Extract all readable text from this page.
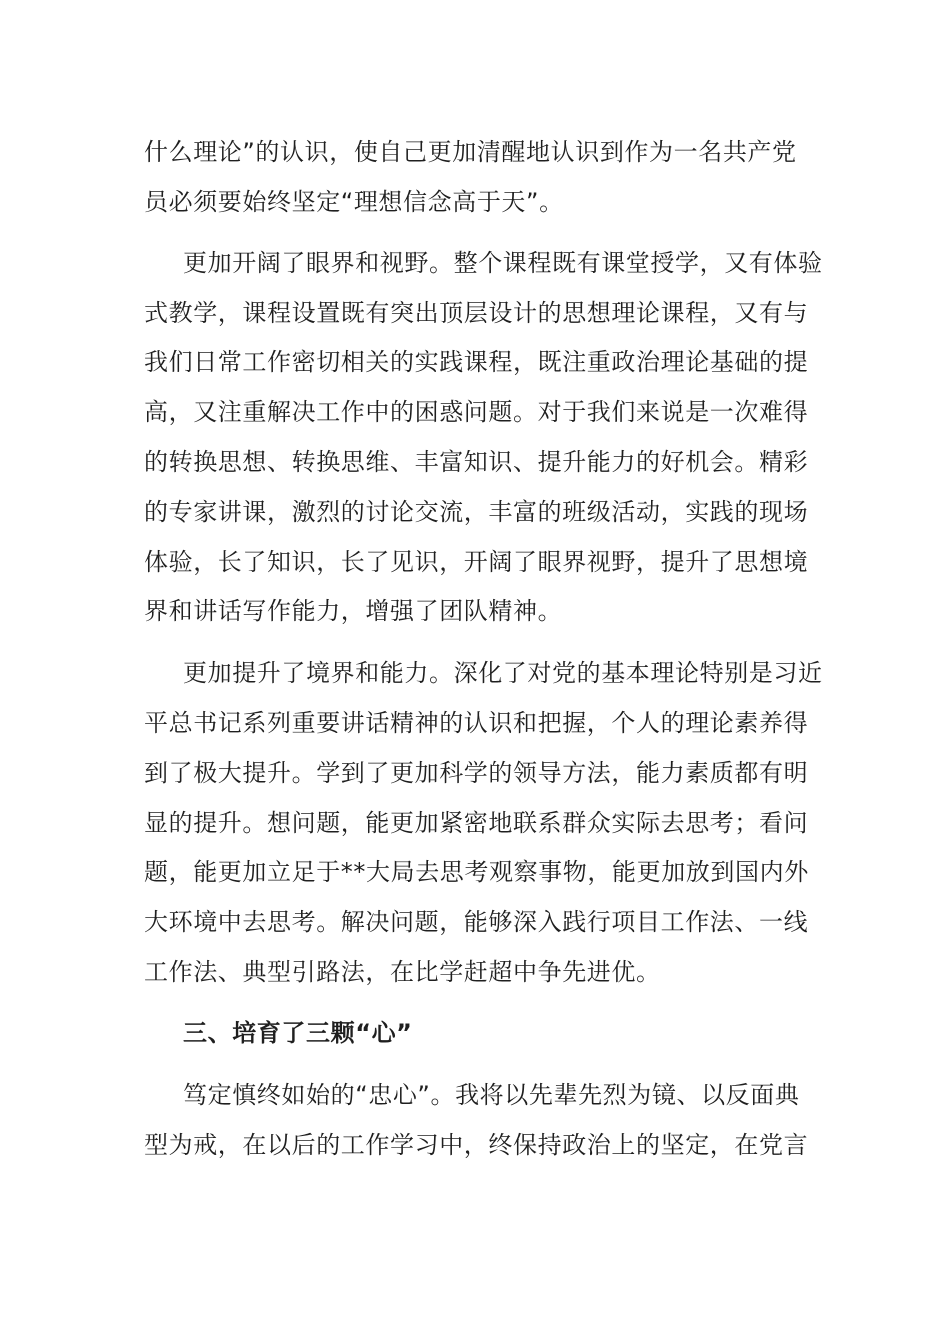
什么理论”的认识，使自己更加清醒地认识到作为一名共产党
员必须要始终坚定“理想信念高于天”。
更加开阔了眼界和视野。整个课程既有课堂授学，又有体验
式教学，课程设置既有突出顶层设计的思想理论课程，又有与
我们日常工作密切相关的实践课程，既注重政治理论基础的提
高，又注重解决工作中的困惑问题。对于我们来说是一次难得
的转换思想、转换思维、丰富知识、提升能力的好机会。精彩
的专家讲课，激烈的讨论交流，丰富的班级活动，实践的现场
体验，长了知识，长了见识，开阔了眼界视野，提升了思想境
界和讲话写作能力，增强了团队精神。
更加提升了境界和能力。深化了对党的基本理论特别是习近
平总书记系列重要讲话精神的认识和把握，个人的理论素养得
到了极大提升。学到了更加科学的领导方法，能力素质都有明
显的提升。想问题，能更加紧密地联系群众实际去思考；看问
题，能更加立足于**大局去思考观察事物，能更加放到国内外
大环境中去思考。解决问题，能够深入践行项目工作法、一线
工作法、典型引路法，在比学赶超中争先进优。
三、培育了三颗“心”
笃定慎终如始的“忠心”。我将以先辈先烈为镜、以反面典
型为戒，在以后的工作学习中，终保持政治上的坚定，在党言
